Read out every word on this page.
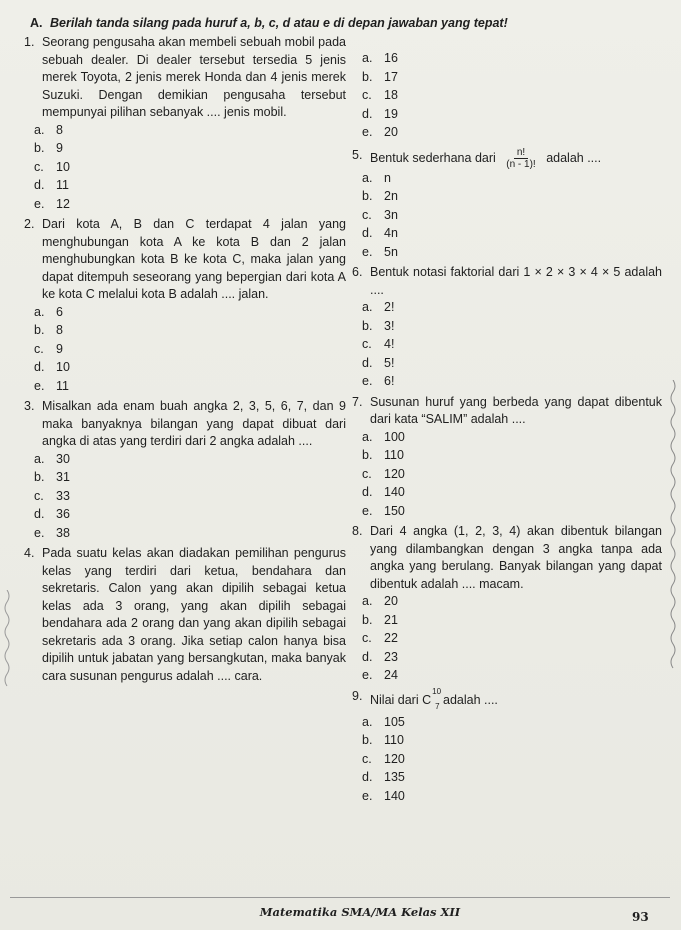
A. Berilah tanda silang pada huruf a, b, c, d atau e di depan jawaban yang tepat!
1. Seorang pengusaha akan membeli sebuah mobil pada sebuah dealer. Di dealer tersebut tersedia 5 jenis merek Toyota, 2 jenis merek Honda dan 4 jenis merek Suzuki. Dengan demikian pengusaha tersebut mempunyai pilihan sebanyak .... jenis mobil.
a. 8
b. 9
c. 10
d. 11
e. 12
2. Dari kota A, B dan C terdapat 4 jalan yang menghubungan kota A ke kota B dan 2 jalan menghubungkan kota B ke kota C, maka jalan yang dapat ditempuh seseorang yang bepergian dari kota A ke kota C melalui kota B adalah .... jalan.
a. 6
b. 8
c. 9
d. 10
e. 11
3. Misalkan ada enam buah angka 2, 3, 5, 6, 7, dan 9 maka banyaknya bilangan yang dapat dibuat dari angka di atas yang terdiri dari 2 angka adalah ....
a. 30
b. 31
c. 33
d. 36
e. 38
4. Pada suatu kelas akan diadakan pemilihan pengurus kelas yang terdiri dari ketua, bendahara dan sekretaris. Calon yang akan dipilih sebagai ketua kelas ada 3 orang, yang akan dipilih sebagai bendahara ada 2 orang dan yang akan dipilih sebagai sekretaris ada 3 orang. Jika setiap calon hanya bisa dipilih untuk jabatan yang bersangkutan, maka banyak cara susunan pengurus adalah .... cara.
a. 16
b. 17
c. 18
d. 19
e. 20
5. Bentuk sederhana dari $\frac{n!}{(n - 1)!}$ adalah ....
a. n
b. 2n
c. 3n
d. 4n
e. 5n
6. Bentuk notasi faktorial dari 1 × 2 × 3 × 4 × 5 adalah ....
a. 2!
b. 3!
c. 4!
d. 5!
e. 6!
7. Susunan huruf yang berbeda yang dapat dibentuk dari kata “SALIM” adalah ....
a. 100
b. 110
c. 120
d. 140
e. 150
8. Dari 4 angka (1, 2, 3, 4) akan dibentuk bilangan yang dilambangkan dengan 3 angka tanpa ada angka yang berulang. Banyak bilangan yang dapat dibentuk adalah .... macam.
a. 20
b. 21
c. 22
d. 23
e. 24
9. Nilai dari $C^{10}_7$ adalah ....
a. 105
b. 110
c. 120
d. 135
e. 140
Matematika SMA/MA Kelas XII	93
